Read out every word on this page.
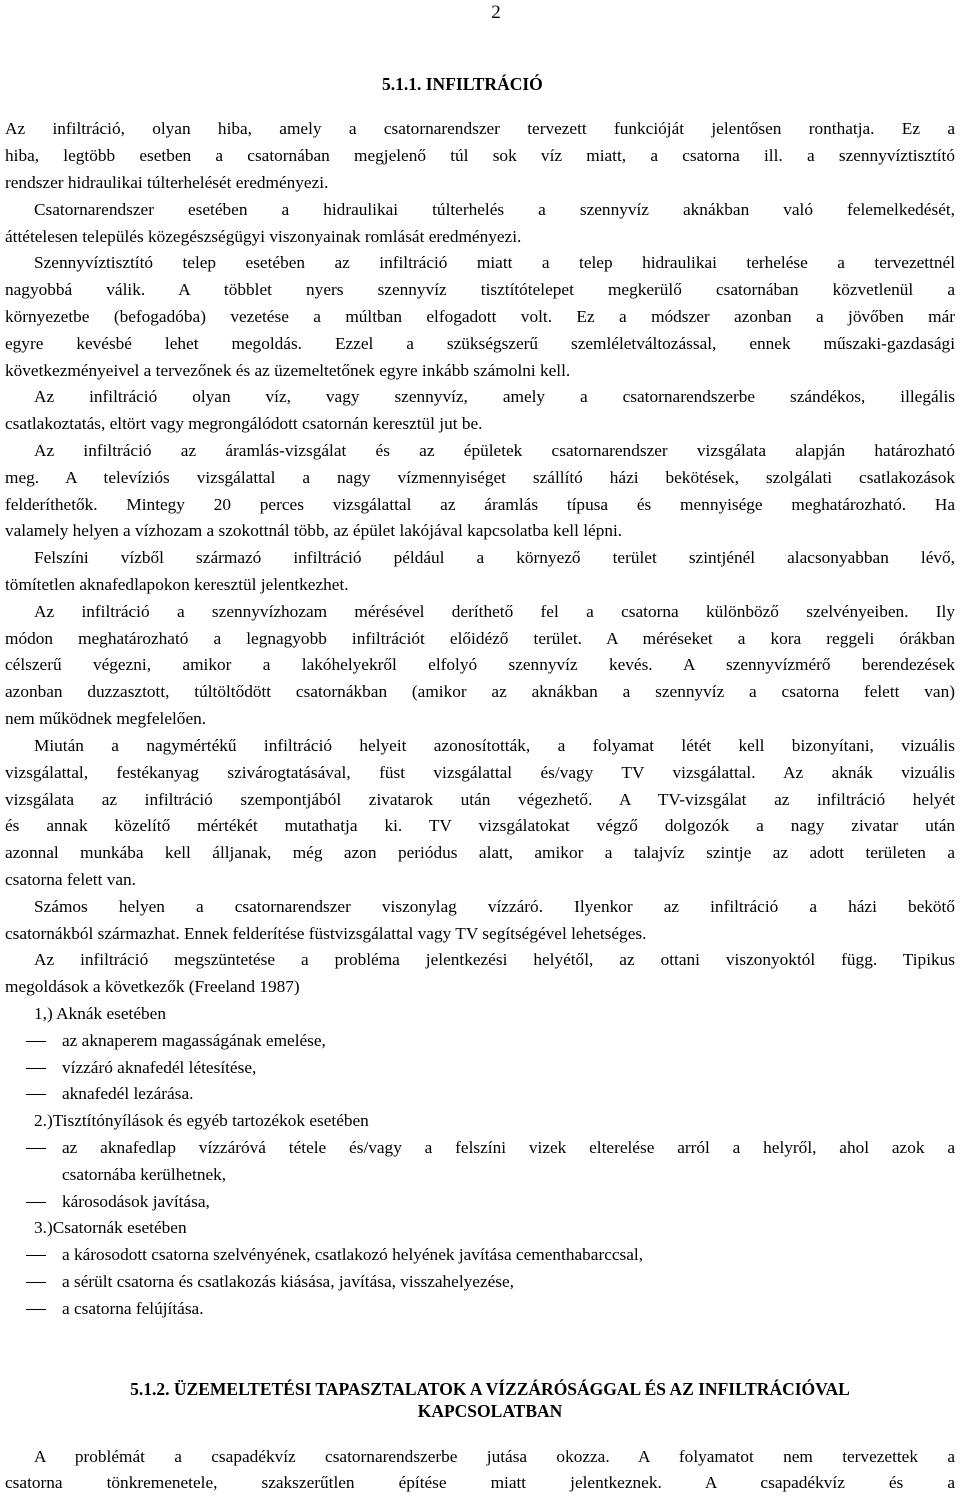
2
5.1.1. INFILTRÁCIÓ
Az infiltráció, olyan hiba, amely a csatornarendszer tervezett funkcióját jelentősen ronthatja. Ez a
hiba, legtöbb esetben a csatornában megjelenő túl sok víz miatt, a csatorna ill. a szennyvíztisztító
rendszer hidraulikai túlterhelését eredményezi.
Csatornarendszer esetében a hidraulikai túlterhelés a szennyvíz aknákban való felemelkedését,
áttételesen település közegészségügyi viszonyainak romlását eredményezi.
Szennyvíztisztító telep esetében az infiltráció miatt a telep hidraulikai terhelése a tervezettnél
nagyobbá válik. A többlet nyers szennyvíz tisztítótelepet megkerülő csatornában közvetlenül a
környezetbe (befogadóba) vezetése a múltban elfogadott volt. Ez a módszer azonban a jövőben már
egyre kevésbé lehet megoldás. Ezzel a szükségszerű szemléletváltozással, ennek műszaki-gazdasági
következményeivel a tervezőnek és az üzemeltetőnek egyre inkább számolni kell.
Az infiltráció olyan víz, vagy szennyvíz, amely a csatornarendszerbe szándékos, illegális
csatlakoztatás, eltört vagy megrongálódott csatornán keresztül jut be.
Az infiltráció az áramlás-vizsgálat és az épületek csatornarendszer vizsgálata alapján határozható
meg. A televíziós vizsgálattal a nagy vízmennyiséget szállító házi bekötések, szolgálati csatlakozások
felderíthetők. Mintegy 20 perces vizsgálattal az áramlás típusa és mennyisége meghatározható. Ha
valamely helyen a vízhozam a szokottnál több, az épület lakójával kapcsolatba kell lépni.
Felszíni vízből származó infiltráció például a környező terület szintjénél alacsonyabban lévő,
tömítetlen aknafedlapokon keresztül jelentkezhet.
Az infiltráció a szennyvízhozam mérésével deríthető fel a csatorna különböző szelvényeiben. Ily
módon meghatározható a legnagyobb infiltrációt előidéző terület. A méréseket a kora reggeli órákban
célszerű végezni, amikor a lakóhelyekről elfolyó szennyvíz kevés. A szennyvízmérő berendezések
azonban duzzasztott, túltöltődött csatornákban (amikor az aknákban a szennyvíz a csatorna felett van)
nem működnek megfelelően.
Miután a nagymértékű infiltráció helyeit azonosították, a folyamat létét kell bizonyítani, vizuális
vizsgálattal, festékanyag szivárogtatásával, füst vizsgálattal és/vagy TV vizsgálattal. Az aknák vizuális
vizsgálata az infiltráció szempontjából zivatarok után végezhető. A TV-vizsgálat az infiltráció helyét
és annak közelítő mértékét mutathatja ki. TV vizsgálatokat végző dolgozók a nagy zivatar után
azonnal munkába kell álljanak, még azon periódus alatt, amikor a talajvíz szintje az adott területen a
csatorna felett van.
Számos helyen a csatornarendszer viszonylag vízzáró. Ilyenkor az infiltráció a házi bekötő
csatornákból származhat. Ennek felderítése füstvizsgálattal vagy TV segítségével lehetséges.
Az infiltráció megszüntetése a probléma jelentkezési helyétől, az ottani viszonyoktól függ. Tipikus
megoldások a következők (Freeland 1987)
1,) Aknák esetében
az aknaperem magasságának emelése,
vízzáró aknafedél létesítése,
aknafedél lezárása.
2.)Tisztítónyílások és egyéb tartozékok esetében
az aknafedlap vízzáróvá tétele és/vagy a felszíni vizek elterelése arról a helyről, ahol azok a
csatornába kerülhetnek,
károsodások javítása,
3.)Csatornák esetében
a károsodott csatorna szelvényének, csatlakozó helyének javítása cementhabarccsal,
a sérült csatorna és csatlakozás kiásása, javítása, visszahelyezése,
a csatorna felújítása.
5.1.2. ÜZEMELTETÉSI TAPASZTALATOK A VÍZZÁRÓSÁGGAL ÉS AZ INFILTRÁCIÓVAL
KAPCSOLATBAN
A problémát a csapadékvíz csatornarendszerbe jutása okozza. A folyamatot nem tervezettek a
csatorna tönkremenetele, szakszerűtlen építése miatt jelentkeznek. A csapadékvíz és a
